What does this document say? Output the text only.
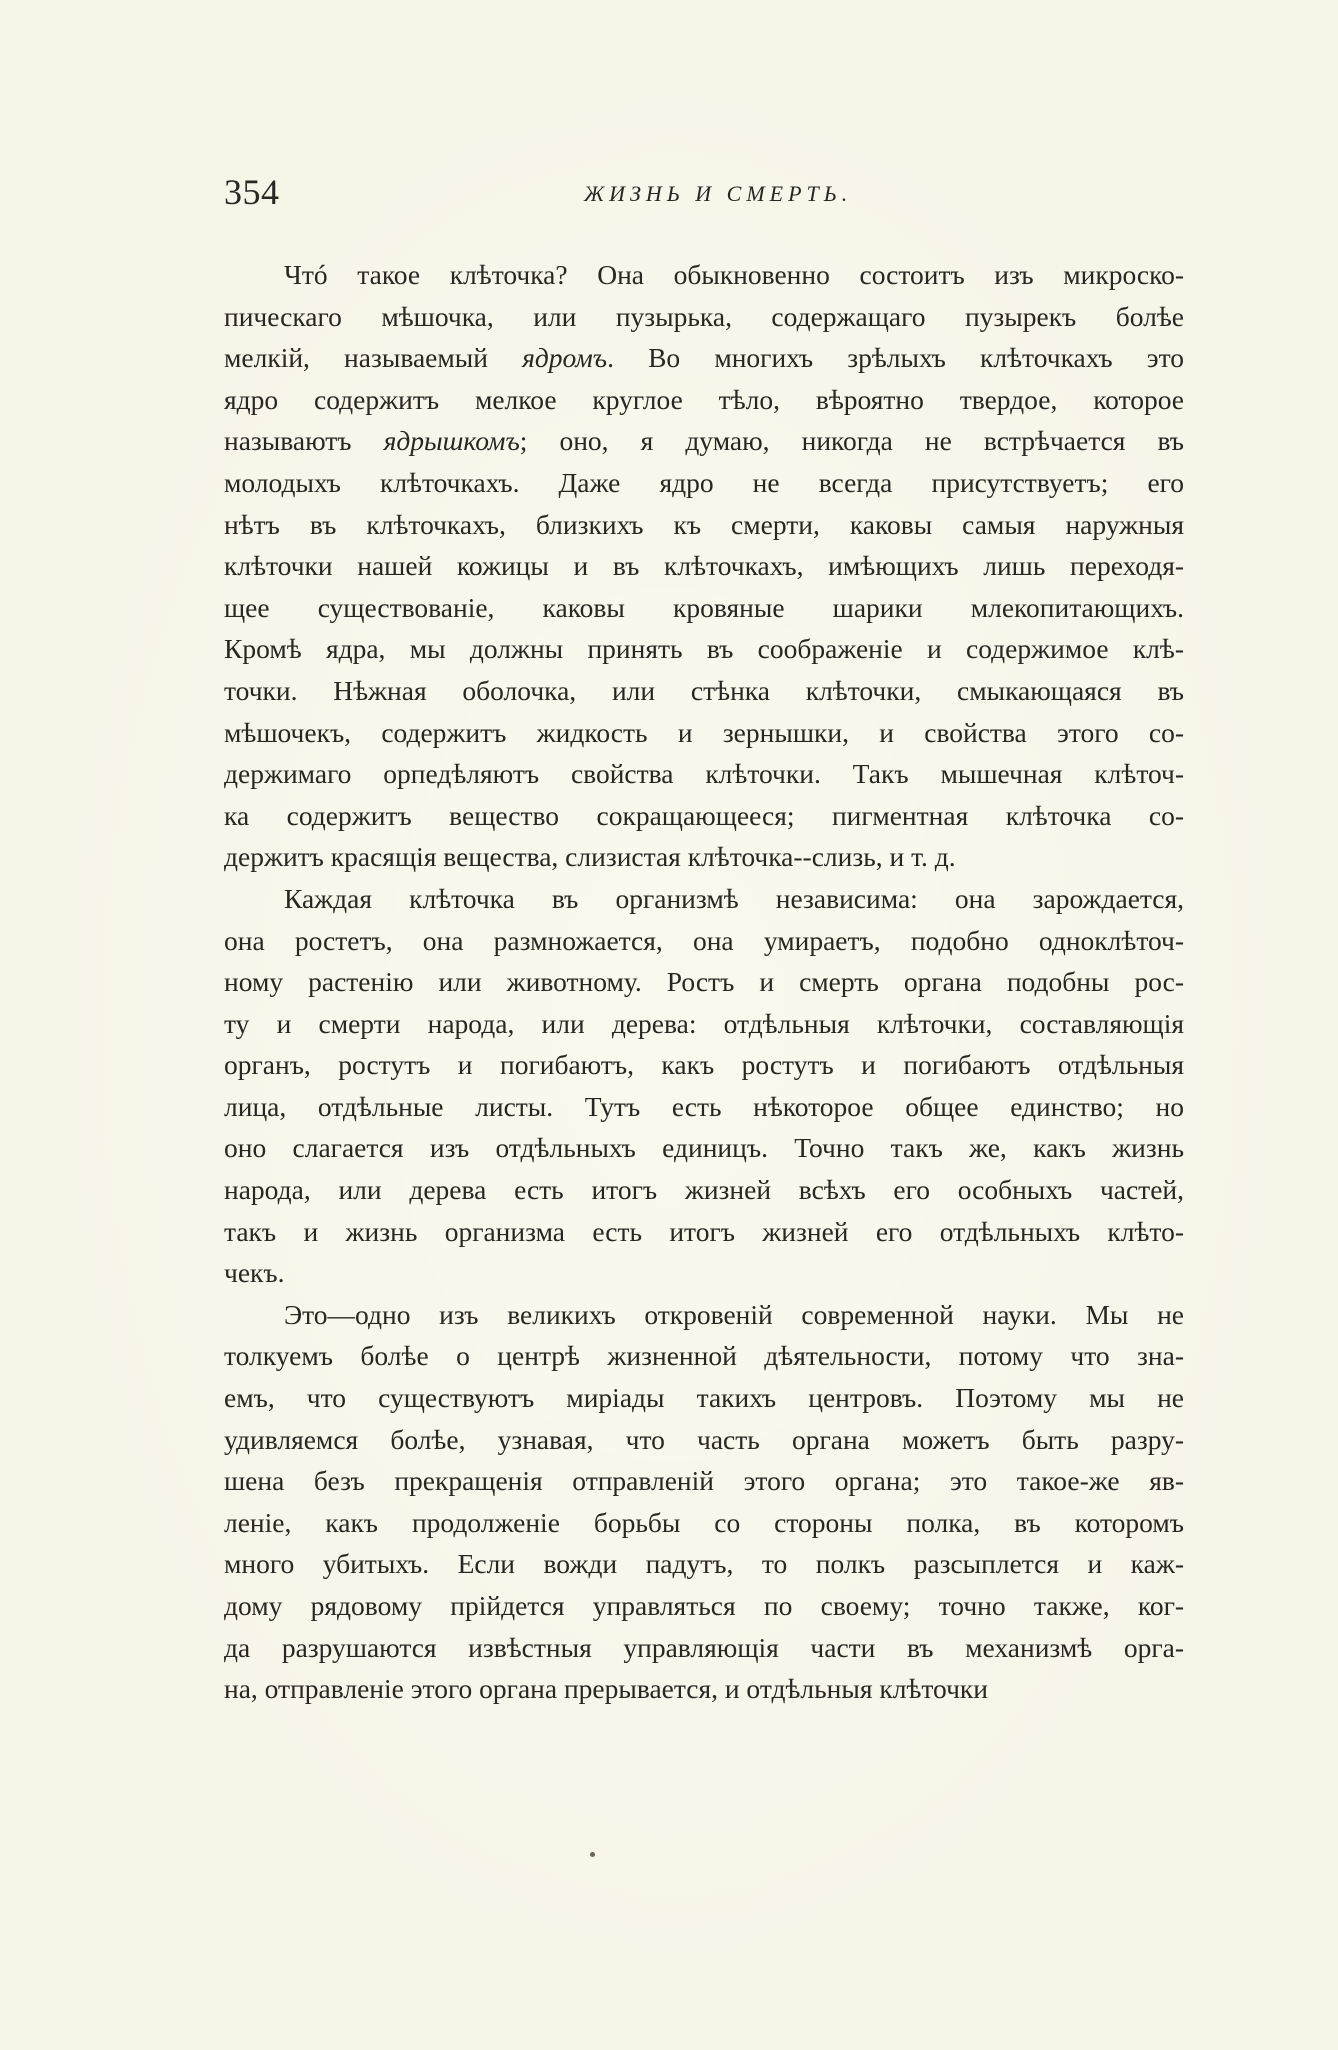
354	ЖИЗНЬ И СМЕРТЬ.
Чтó такое клѣточка? Она обыкновенно состоитъ изъ микроско-
пическаго мѣшочка, или пузырька, содержащаго пузырекъ болѣе
мелкій, называемый ядромъ. Во многихъ зрѣлыхъ клѣточкахъ это
ядро содержитъ мелкое круглое тѣло, вѣроятно твердое, которое
называютъ ядрышкомъ; оно, я думаю, никогда не встрѣчается въ
молодыхъ клѣточкахъ. Даже ядро не всегда присутствуетъ; его
нѣтъ въ клѣточкахъ, близкихъ къ смерти, каковы самыя наружныя
клѣточки нашей кожицы и въ клѣточкахъ, имѣющихъ лишь переходя-
щее существованіе, каковы кровяные шарики млекопитающихъ.
Кромѣ ядра, мы должны принять въ соображеніе и содержимое клѣ-
точки. Нѣжная оболочка, или стѣнка клѣточки, смыкающаяся въ
мѣшочекъ, содержитъ жидкость и зернышки, и свойства этого со-
держимаго орпедѣляютъ свойства клѣточки. Такъ мышечная клѣточ-
ка содержитъ вещество сокращающееся; пигментная клѣточка со-
держитъ красящія вещества, слизистая клѣточка--слизь, и т. д.
Каждая клѣточка въ организмѣ независима: она зарождается,
она ростетъ, она размножается, она умираетъ, подобно одноклѣточ-
ному растенію или животному. Ростъ и смерть органа подобны рос-
ту и смерти народа, или дерева: отдѣльныя клѣточки, составляющія
органъ, ростутъ и погибаютъ, какъ ростутъ и погибаютъ отдѣльныя
лица, отдѣльные листы. Тутъ есть нѣкоторое общее единство; но
оно слагается изъ отдѣльныхъ единицъ. Точно такъ же, какъ жизнь
народа, или дерева есть итогъ жизней всѣхъ его особныхъ частей,
такъ и жизнь организма есть итогъ жизней его отдѣльныхъ клѣто-
чекъ.
Это—одно изъ великихъ откровеній современной науки. Мы не
толкуемъ болѣе о центрѣ жизненной дѣятельности, потому что зна-
емъ, что существуютъ миріады такихъ центровъ. Поэтому мы не
удивляемся болѣе, узнавая, что часть органа можетъ быть разру-
шена безъ прекращенія отправленій этого органа; это такое-же яв-
леніе, какъ продолженіе борьбы со стороны полка, въ которомъ
много убитыхъ. Если вожди падутъ, то полкъ разсыплется и каж-
дому рядовому прійдется управляться по своему; точно также, ког-
да разрушаются извѣстныя управляющія части въ механизмѣ орга-
на, отправленіе этого органа прерывается, и отдѣльныя клѣточки
